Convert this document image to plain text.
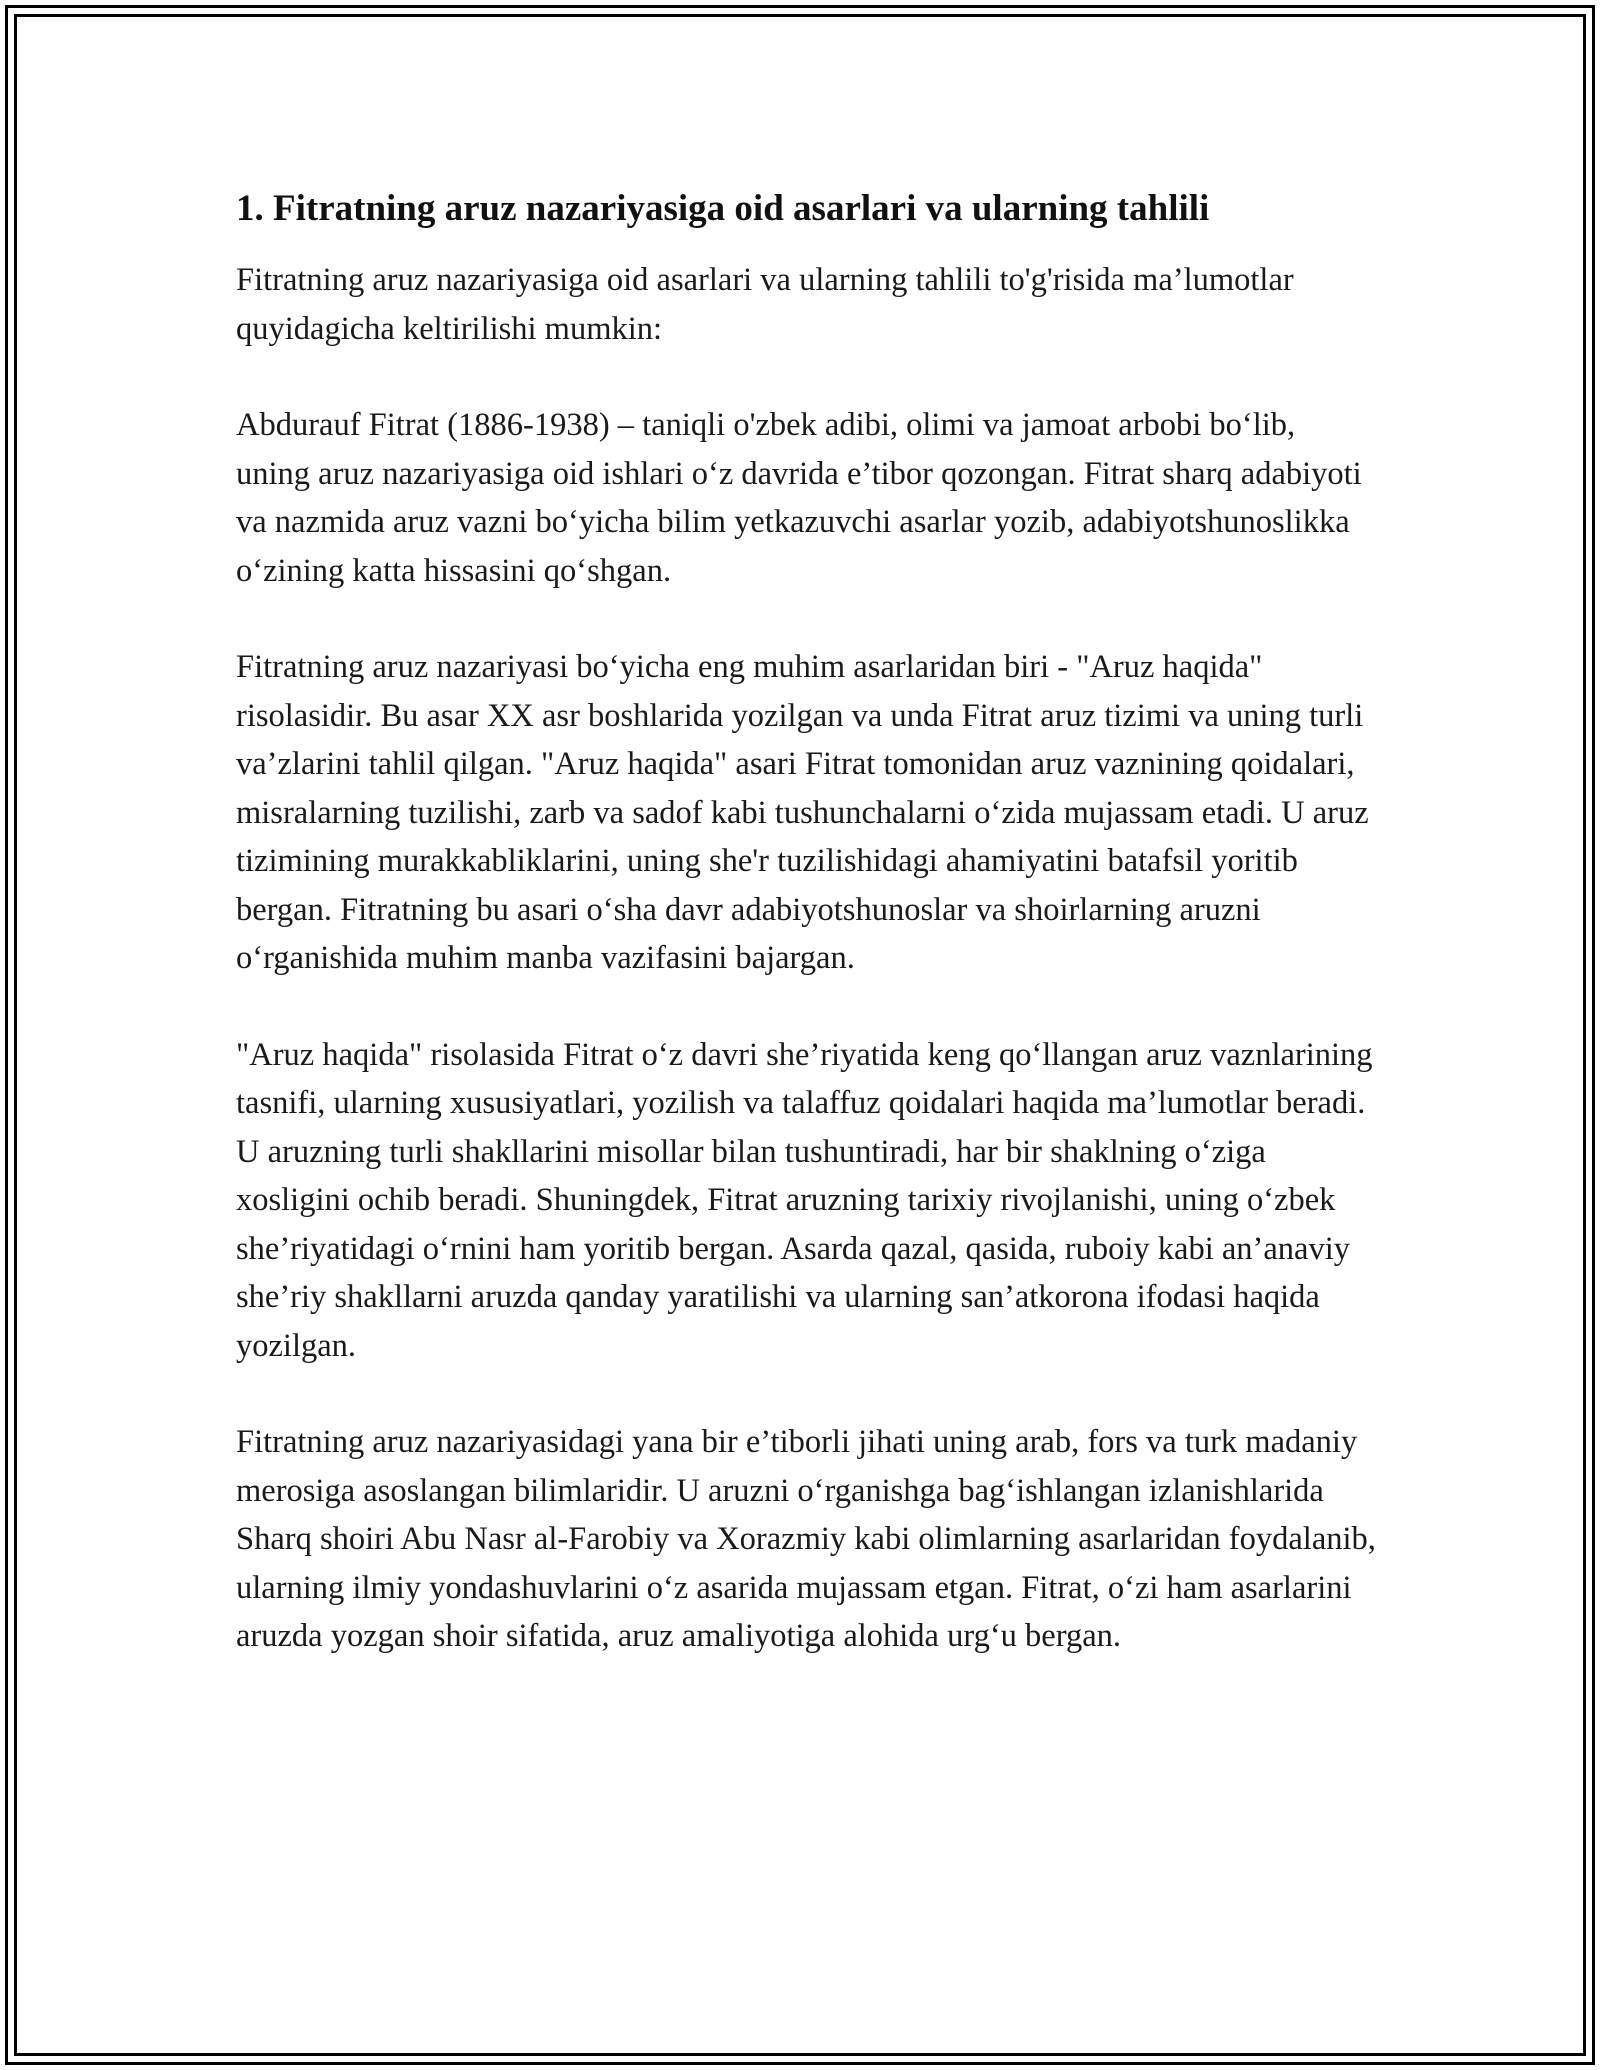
1. Fitratning aruz nazariyasiga oid asarlari va ularning tahlili

Fitratning aruz nazariyasiga oid asarlari va ularning tahlili to'g'risida ma’lumotlar quyidagicha keltirilishi mumkin:

Abdurauf Fitrat (1886-1938) – taniqli o'zbek adibi, olimi va jamoat arbobi bo‘lib, uning aruz nazariyasiga oid ishlari o‘z davrida e’tibor qozongan. Fitrat sharq adabiyoti va nazmida aruz vazni bo‘yicha bilim yetkazuvchi asarlar yozib, adabiyotshunoslikka o‘zining katta hissasini qo‘shgan.

Fitratning aruz nazariyasi bo‘yicha eng muhim asarlaridan biri - "Aruz haqida" risolasidir. Bu asar XX asr boshlarida yozilgan va unda Fitrat aruz tizimi va uning turli va’zlarini tahlil qilgan. "Aruz haqida" asari Fitrat tomonidan aruz vaznining qoidalari, misralarning tuzilishi, zarb va sadof kabi tushunchalarni o‘zida mujassam etadi. U aruz tizimining murakkabliklarini, uning she'r tuzilishidagi ahamiyatini batafsil yoritib bergan. Fitratning bu asari o‘sha davr adabiyotshunoslar va shoirlarning aruzni o‘rganishida muhim manba vazifasini bajargan.

"Aruz haqida" risolasida Fitrat o‘z davri she’riyatida keng qo‘llangan aruz vaznlarining tasnifi, ularning xususiyatlari, yozilish va talaffuz qoidalari haqida ma’lumotlar beradi. U aruzning turli shakllarini misollar bilan tushuntiradi, har bir shaklning o‘ziga xosligini ochib beradi. Shuningdek, Fitrat aruzning tarixiy rivojlanishi, uning o‘zbek she’riyatidagi o‘rnini ham yoritib bergan. Asarda qazal, qasida, ruboiy kabi an’anaviy she’riy shakllarni aruzda qanday yaratilishi va ularning san’atkorona ifodasi haqida yozilgan.

Fitratning aruz nazariyasidagi yana bir e’tiborli jihati uning arab, fors va turk madaniy merosiga asoslangan bilimlaridir. U aruzni o‘rganishga bag‘ishlangan izlanishlarida Sharq shoiri Abu Nasr al-Farobiy va Xorazmiy kabi olimlarning asarlaridan foydalanib, ularning ilmiy yondashuvlarini o‘z asarida mujassam etgan. Fitrat, o‘zi ham asarlarini aruzda yozgan shoir sifatida, aruz amaliyotiga alohida urg‘u bergan.
